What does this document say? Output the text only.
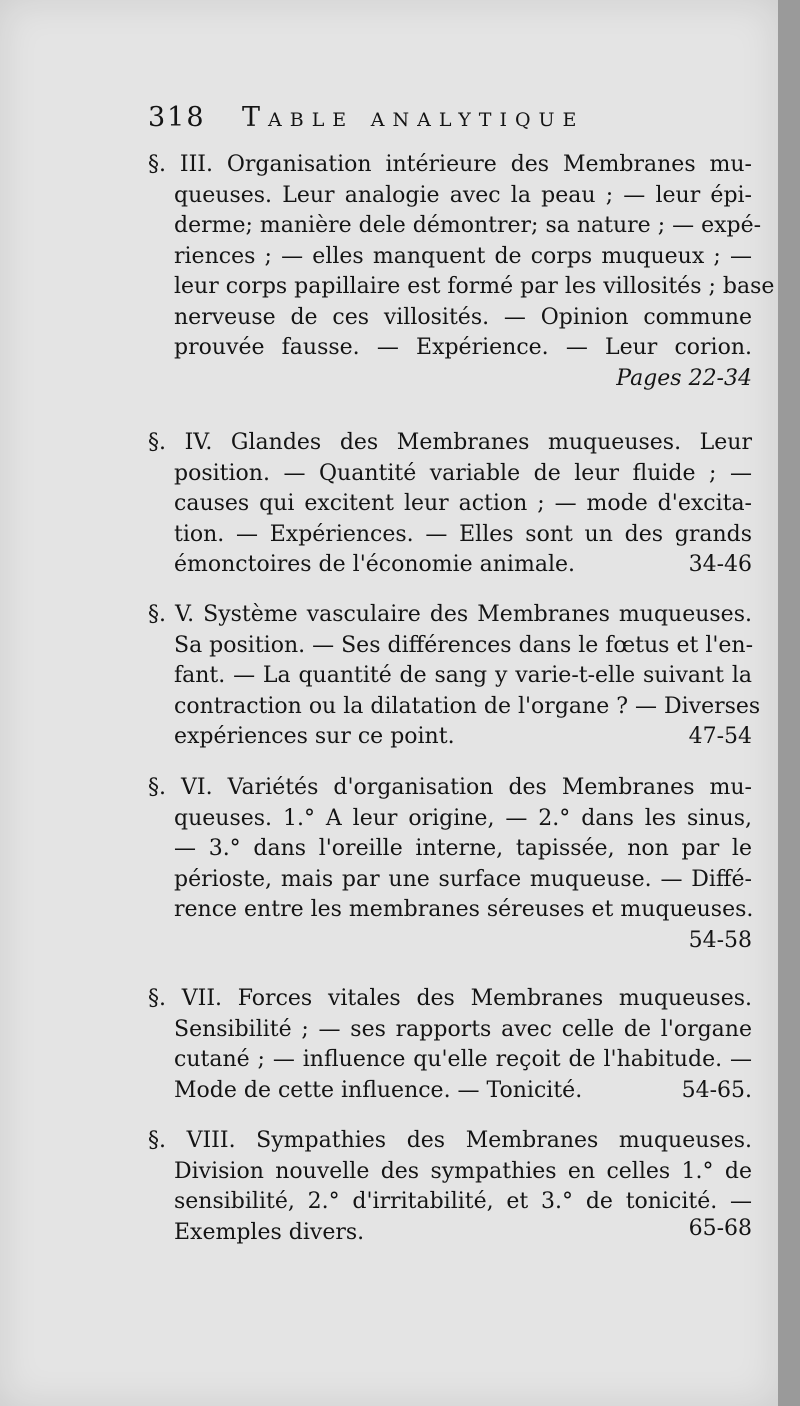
318 Table analytique
§. III. Organisation intérieure des Membranes mu-
queuses. Leur analogie avec la peau ; — leur épi-
derme; manière dele démontrer; sa nature ; — expé-
riences ; — elles manquent de corps muqueux ; —
leur corps papillaire est formé par les villosités ; base
nerveuse de ces villosités. — Opinion commune
prouvée fausse. — Expérience. — Leur corion.
Pages 22-34
§. IV. Glandes des Membranes muqueuses. Leur
position. — Quantité variable de leur fluide ; —
causes qui excitent leur action ; — mode d'excita-
tion. — Expériences. — Elles sont un des grands
émonctoires de l'économie animale.	34-46
§. V. Système vasculaire des Membranes muqueuses.
Sa position. — Ses différences dans le fœtus et l'en-
fant. — La quantité de sang y varie-t-elle suivant la
contraction ou la dilatation de l'organe ? — Diverses
expériences sur ce point.	47-54
§. VI. Variétés d'organisation des Membranes mu-
queuses. 1.° A leur origine, — 2.° dans les sinus,
— 3.° dans l'oreille interne, tapissée, non par le
périoste, mais par une surface muqueuse. — Diffé-
rence entre les membranes séreuses et muqueuses.
54-58
§. VII. Forces vitales des Membranes muqueuses.
Sensibilité ; — ses rapports avec celle de l'organe
cutané ; — influence qu'elle reçoit de l'habitude. —
Mode de cette influence. — Tonicité.	54-65.
§. VIII. Sympathies des Membranes muqueuses.
Division nouvelle des sympathies en celles 1.° de
sensibilité, 2.° d'irritabilité, et 3.° de tonicité. —
Exemples divers.	65-68
